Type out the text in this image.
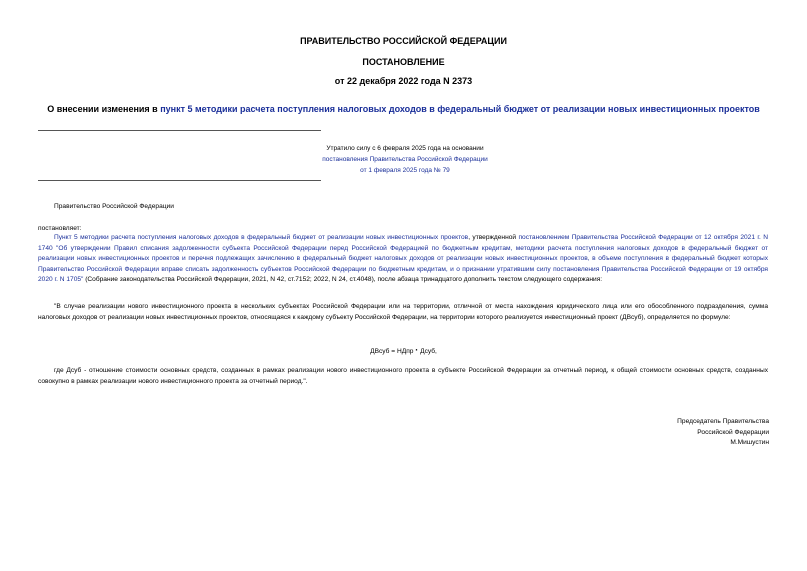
ПРАВИТЕЛЬСТВО РОССИЙСКОЙ ФЕДЕРАЦИИ
ПОСТАНОВЛЕНИЕ
от 22 декабря 2022 года N 2373
О внесении изменения в пункт 5 методики расчета поступления налоговых доходов в федеральный бюджет от реализации новых инвестиционных проектов
Утратило силу с 6 февраля 2025 года на основании
постановления Правительства Российской Федерации
от 1 февраля 2025 года № 79
Правительство Российской Федерации
постановляет:
Пункт 5 методики расчета поступления налоговых доходов в федеральный бюджет от реализации новых инвестиционных проектов, утвержденной постановлением Правительства Российской Федерации от 12 октября 2021 г. N 1740 "Об утверждении Правил списания задолженности субъекта Российской Федерации перед Российской Федерацией по бюджетным кредитам, методики расчета поступления налоговых доходов в федеральный бюджет от реализации новых инвестиционных проектов и перечня подлежащих зачислению в федеральный бюджет налоговых доходов от реализации новых инвестиционных проектов, в объеме поступления в федеральный бюджет которых Правительство Российской Федерации вправе списать задолженность субъектов Российской Федерации по бюджетным кредитам, и о признании утратившим силу постановления Правительства Российской Федерации от 19 октября 2020 г. N 1705" (Собрание законодательства Российской Федерации, 2021, N 42, ст.7152; 2022, N 24, ст.4048), после абзаца тринадцатого дополнить текстом следующего содержания:
"В случае реализации нового инвестиционного проекта в нескольких субъектах Российской Федерации или на территории, отличной от места нахождения юридического лица или его обособленного подразделения, сумма налоговых доходов от реализации новых инвестиционных проектов, относящаяся к каждому субъекту Российской Федерации, на территории которого реализуется инвестиционный проект (ДВсуб), определяется по формуле:
ДВсуб = НДпр · Дсуб,
где Дсуб - отношение стоимости основных средств, созданных в рамках реализации нового инвестиционного проекта в субъекте Российской Федерации за отчетный период, к общей стоимости основных средств, созданных совокупно в рамках реализации нового инвестиционного проекта за отчетный период.".
Председатель Правительства
Российской Федерации
М.Мишустин
